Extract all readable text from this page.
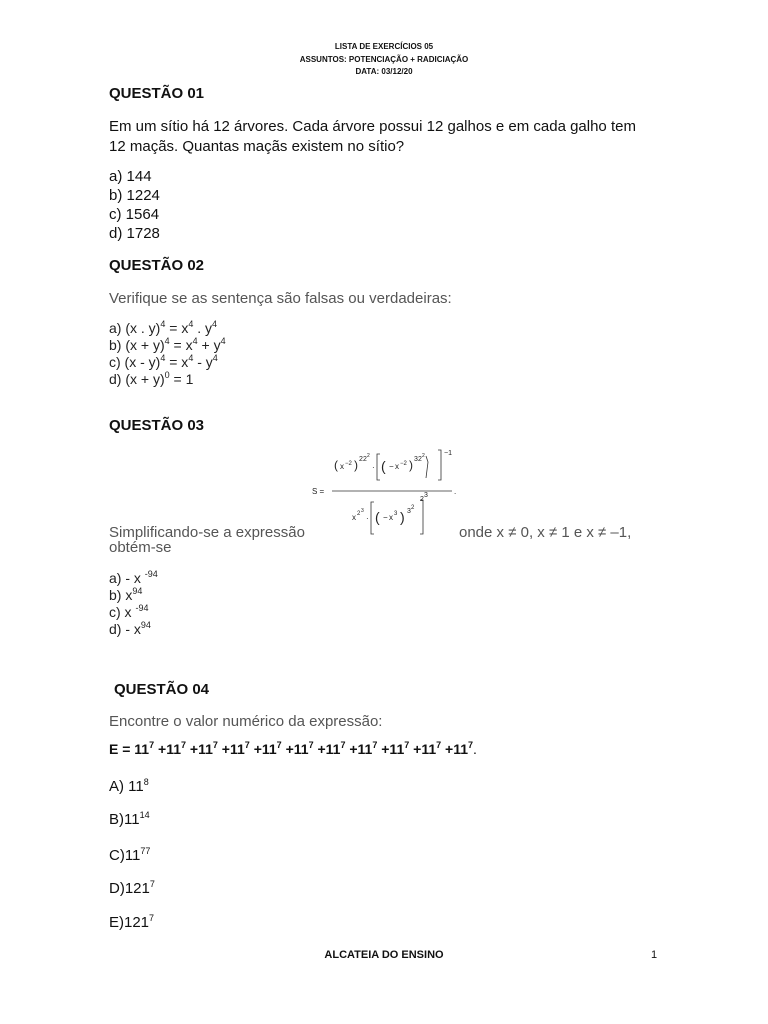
LISTA DE EXERCÍCIOS 05
ASSUNTOS: POTENCIAÇÃO + RADICIAÇÃO
DATA: 03/12/20
QUESTÃO 01
Em um sítio há 12 árvores. Cada árvore possui 12 galhos e em cada galho tem
12 maçãs. Quantas maçãs existem no sítio?
a) 144
b) 1224
c) 1564
d) 1728
QUESTÃO 02
Verifique se as sentença são falsas ou verdadeiras:
a) (x . $y)^4 = x^4$ . $y^4$
b) $(x + y)^4 = x^4 + y^4$
c) $(x - y)^4 = x^4 - y^4$
d) $(x + y)^0 = 1$
QUESTÃO 03
S =
( x −2 ) 2 2 2
· ( − x −2 ) 3 2 2	−1
.
x 2 3
· ( − x 3 ) 3 2
2
3
Simplificando-se a expressão	onde x ≠ 0, x ≠ 1 e x ≠ –1,
obtém-se
a) - x $^{-94}$
b) $x^{94}$
c) x $^{-94}$
$d) - x^{94}$
QUESTÃO 04
Encontre o valor numérico da expressão:
$E = 11^7 +11^7 +11^7 +11^7 +11^7 +11^7 +11^7 +11^7 +11^7 +11^7 +11^7$.
A) $11^8$
$B)11^{14}$
$C)11^{77}$
$D)121^7$
$E)121^7$
ALCATEIA DO ENSINO	1
